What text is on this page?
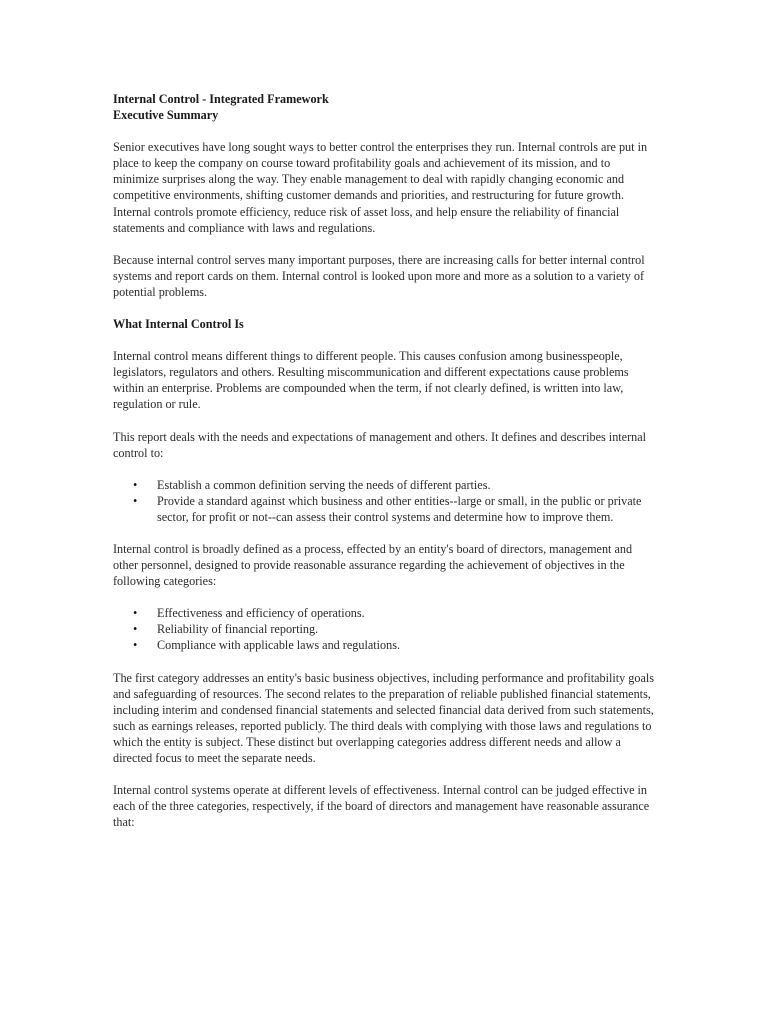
Internal Control - Integrated Framework
Executive Summary

Senior executives have long sought ways to better control the enterprises they run. Internal controls are put in place to keep the company on course toward profitability goals and achievement of its mission, and to minimize surprises along the way. They enable management to deal with rapidly changing economic and competitive environments, shifting customer demands and priorities, and restructuring for future growth. Internal controls promote efficiency, reduce risk of asset loss, and help ensure the reliability of financial statements and compliance with laws and regulations.

Because internal control serves many important purposes, there are increasing calls for better internal control systems and report cards on them. Internal control is looked upon more and more as a solution to a variety of potential problems.

What Internal Control Is

Internal control means different things to different people. This causes confusion among businesspeople, legislators, regulators and others. Resulting miscommunication and different expectations cause problems within an enterprise. Problems are compounded when the term, if not clearly defined, is written into law, regulation or rule.

This report deals with the needs and expectations of management and others. It defines and describes internal control to:

•	Establish a common definition serving the needs of different parties.
•	Provide a standard against which business and other entities--large or small, in the public or private sector, for profit or not--can assess their control systems and determine how to improve them.

Internal control is broadly defined as a process, effected by an entity's board of directors, management and other personnel, designed to provide reasonable assurance regarding the achievement of objectives in the following categories:

•	Effectiveness and efficiency of operations.
•	Reliability of financial reporting.
•	Compliance with applicable laws and regulations.

The first category addresses an entity's basic business objectives, including performance and profitability goals and safeguarding of resources. The second relates to the preparation of reliable published financial statements, including interim and condensed financial statements and selected financial data derived from such statements, such as earnings releases, reported publicly. The third deals with complying with those laws and regulations to which the entity is subject. These distinct but overlapping categories address different needs and allow a directed focus to meet the separate needs.

Internal control systems operate at different levels of effectiveness. Internal control can be judged effective in each of the three categories, respectively, if the board of directors and management have reasonable assurance that:
